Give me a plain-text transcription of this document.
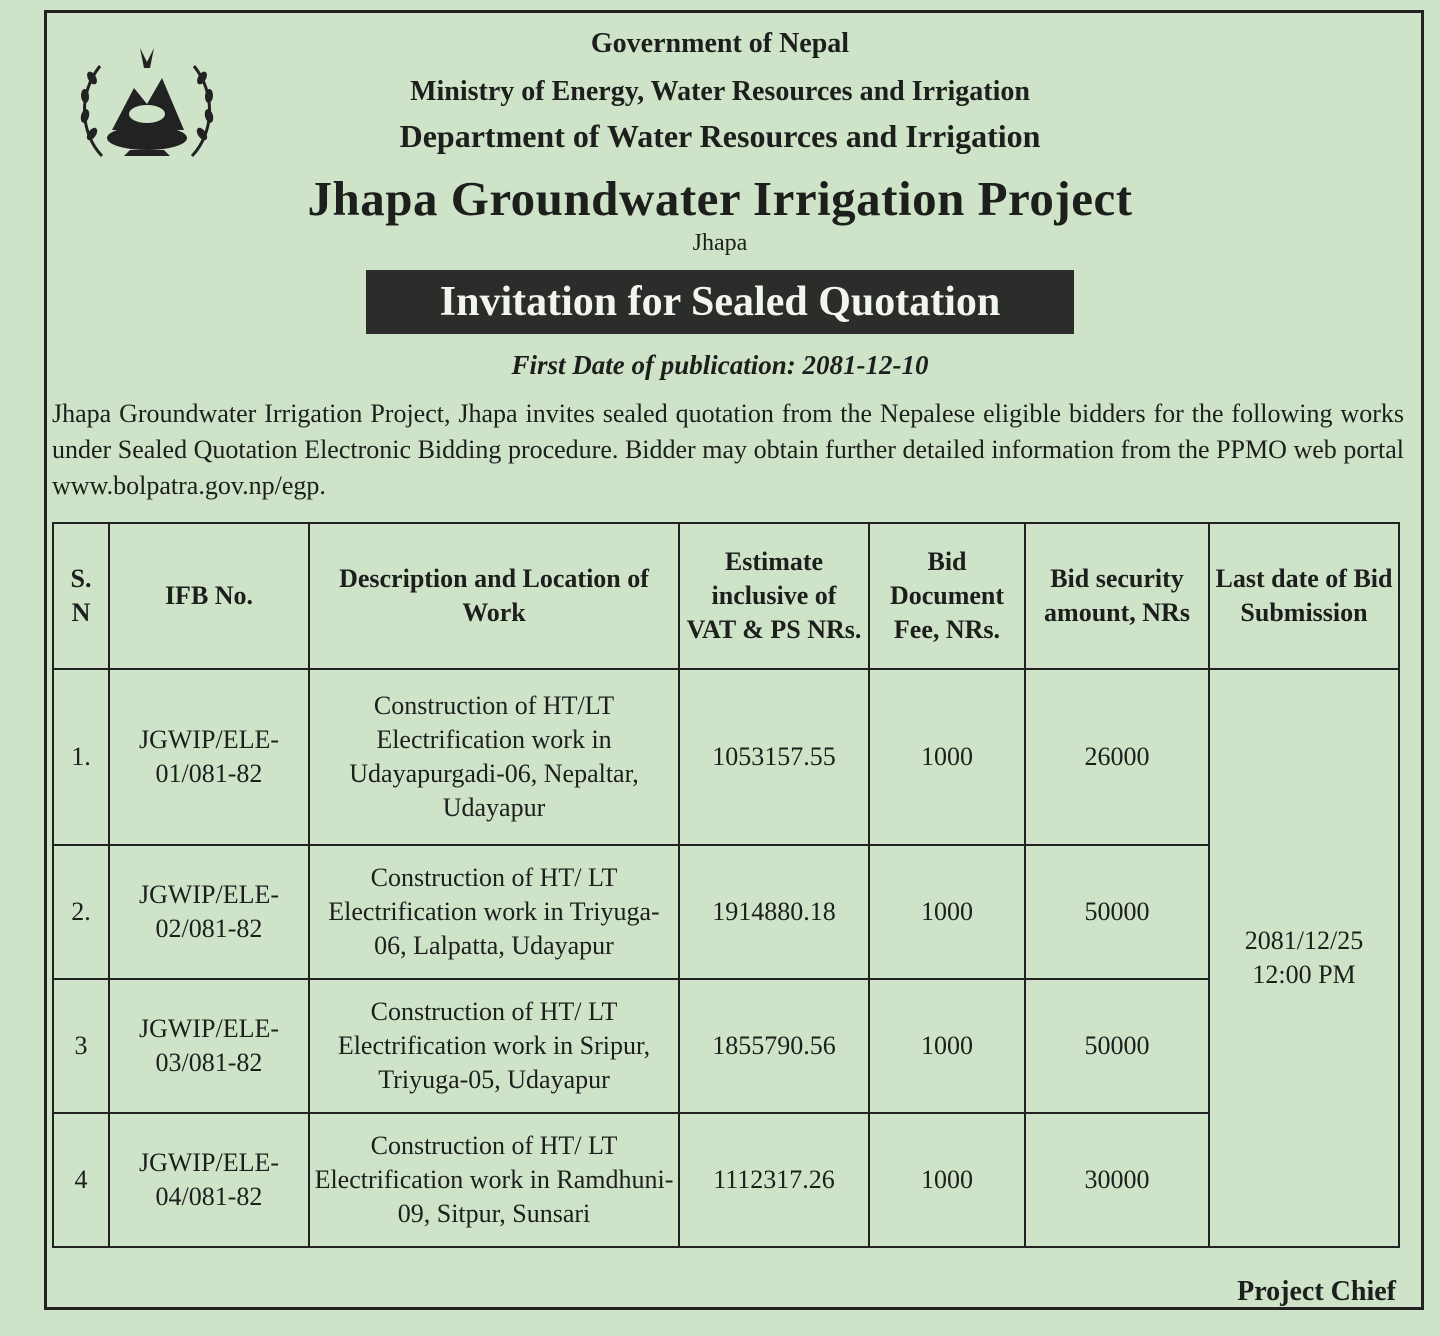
Government of Nepal
Ministry of Energy, Water Resources and Irrigation
Department of Water Resources and Irrigation
Jhapa Groundwater Irrigation Project
Jhapa
Invitation for Sealed Quotation
First Date of publication: 2081-12-10
Jhapa Groundwater Irrigation Project, Jhapa invites sealed quotation from the Nepalese eligible bidders for the following works under Sealed Quotation Electronic Bidding procedure. Bidder may obtain further detailed information from the PPMO web portal www.bolpatra.gov.np/egp.
S. N	IFB No.	Description and Location of Work	Estimate inclusive of VAT & PS NRs.	Bid Document Fee, NRs.	Bid security amount, NRs	Last date of Bid Submission
1.	JGWIP/ELE-01/081-82	Construction of HT/LT Electrification work in Udayapurgadi-06, Nepaltar, Udayapur	1053157.55	1000	26000	2081/12/25 12:00 PM
2.	JGWIP/ELE-02/081-82	Construction of HT/ LT Electrification work in Triyuga-06, Lalpatta, Udayapur	1914880.18	1000	50000	
3	JGWIP/ELE-03/081-82	Construction of HT/ LT Electrification work in Sripur, Triyuga-05, Udayapur	1855790.56	1000	50000	
4	JGWIP/ELE-04/081-82	Construction of HT/ LT Electrification work in Ramdhuni-09, Sitpur, Sunsari	1112317.26	1000	30000	
Project Chief
